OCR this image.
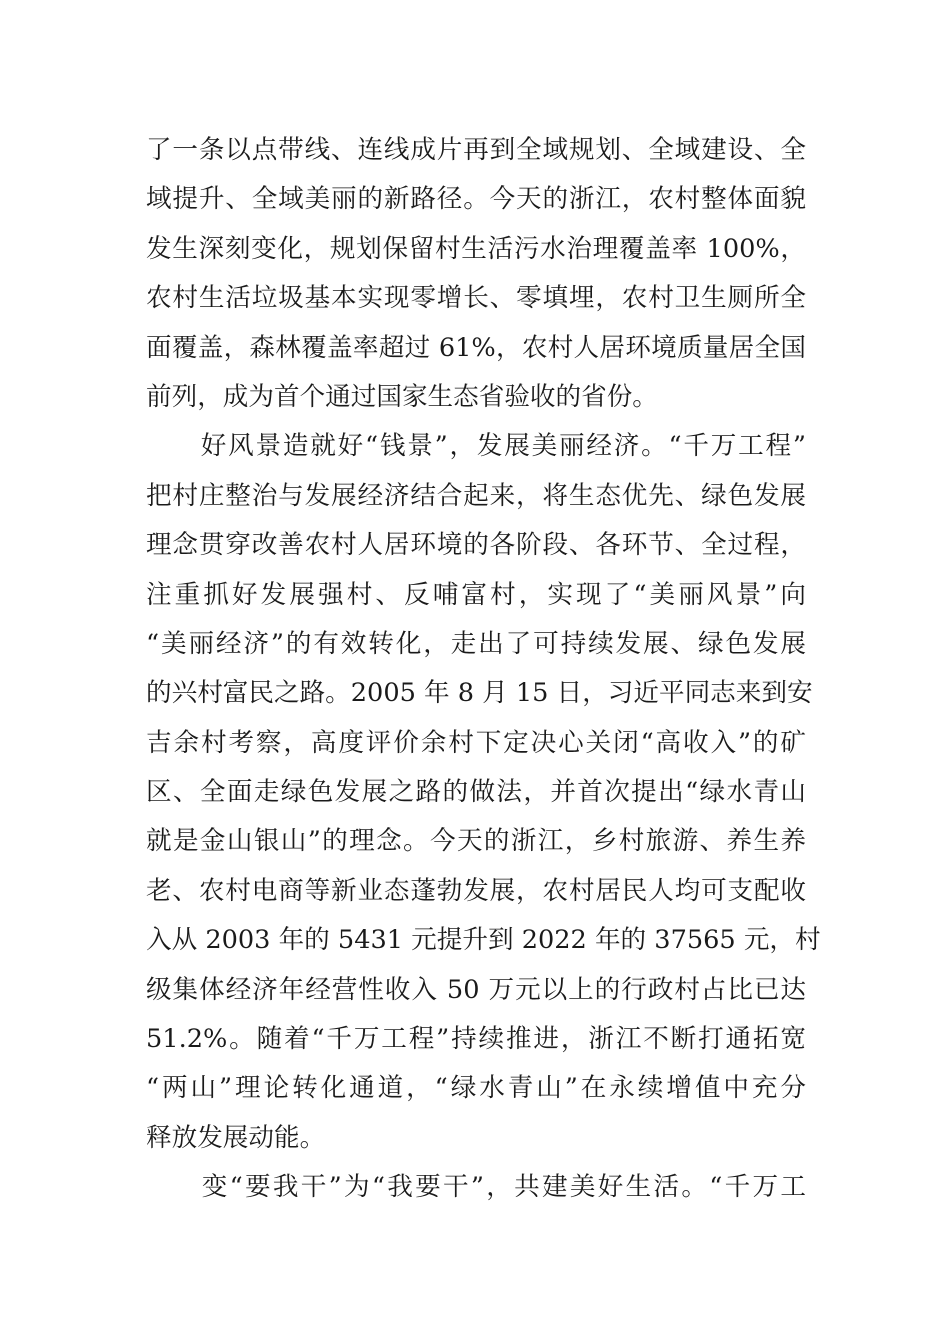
了一条以点带线、连线成片再到全域规划、全域建设、全
域提升、全域美丽的新路径。今天的浙江，农村整体面貌
发生深刻变化，规划保留村生活污水治理覆盖率 100%，
农村生活垃圾基本实现零增长、零填埋，农村卫生厕所全
面覆盖，森林覆盖率超过 61%，农村人居环境质量居全国
前列，成为首个通过国家生态省验收的省份。
　　好风景造就好“钱景”，发展美丽经济。“千万工程”
把村庄整治与发展经济结合起来，将生态优先、绿色发展
理念贯穿改善农村人居环境的各阶段、各环节、全过程，
注重抓好发展强村、反哺富村，实现了“美丽风景”向
“美丽经济”的有效转化，走出了可持续发展、绿色发展
的兴村富民之路。2005 年 8 月 15 日，习近平同志来到安
吉余村考察，高度评价余村下定决心关闭“高收入”的矿
区、全面走绿色发展之路的做法，并首次提出“绿水青山
就是金山银山”的理念。今天的浙江，乡村旅游、养生养
老、农村电商等新业态蓬勃发展，农村居民人均可支配收
入从 2003 年的 5431 元提升到 2022 年的 37565 元，村
级集体经济年经营性收入 50 万元以上的行政村占比已达
51.2%。随着“千万工程”持续推进，浙江不断打通拓宽
“两山”理论转化通道，“绿水青山”在永续增值中充分
释放发展动能。
　　变“要我干”为“我要干”，共建美好生活。“千万工
